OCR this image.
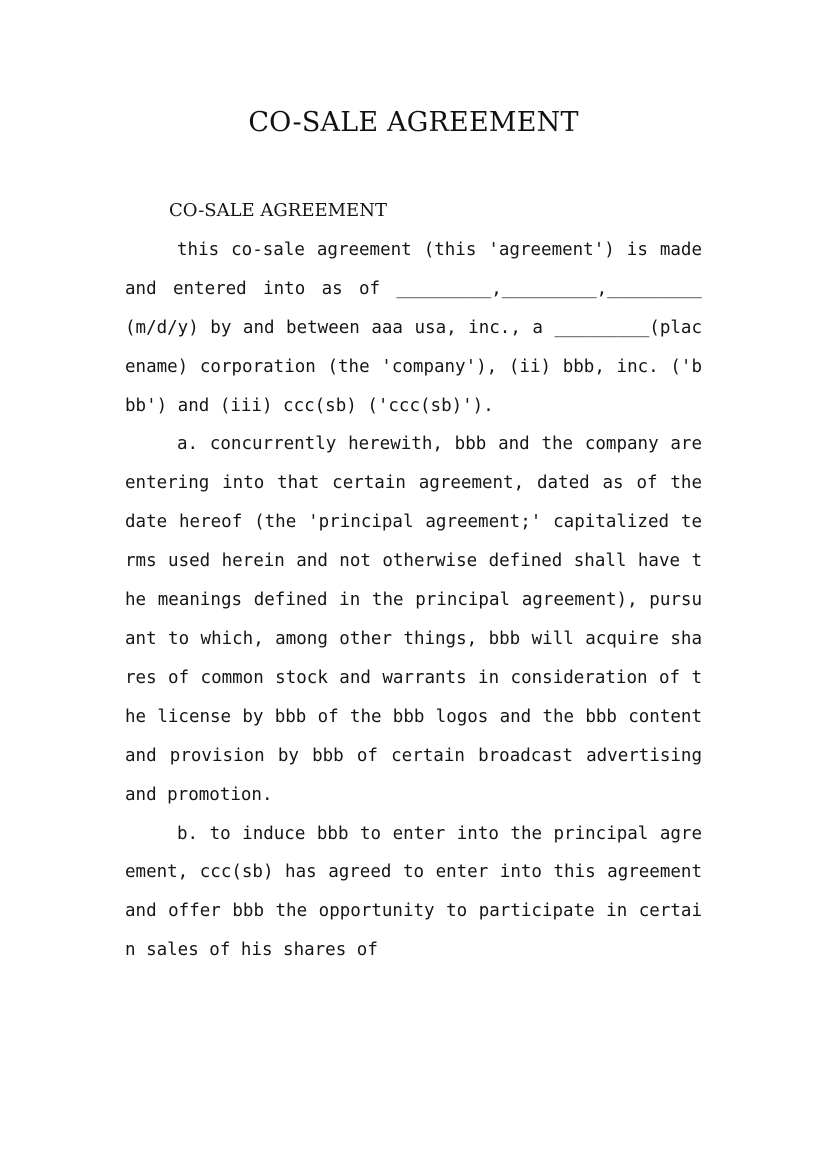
CO-SALE AGREEMENT

CO-SALE AGREEMENT

this co-sale agreement (this 'agreement') is made and entered into as of _________,_________,_________(m/d/y) by and between aaa usa, inc., a _________(placename) corporation (the 'company'), (ii) bbb, inc. ('bbb') and (iii) ccc(sb) ('ccc(sb)').

a. concurrently herewith, bbb and the company are entering into that certain agreement, dated as of the date hereof (the 'principal agreement;' capitalized terms used herein and not otherwise defined shall have the meanings defined in the principal agreement), pursuant to which, among other things, bbb will acquire shares of common stock and warrants in consideration of the license by bbb of the bbb logos and the bbb content and provision by bbb of certain broadcast advertising and promotion.

b. to induce bbb to enter into the principal agreement, ccc(sb) has agreed to enter into this agreement and offer bbb the opportunity to participate in certain sales of his shares of
